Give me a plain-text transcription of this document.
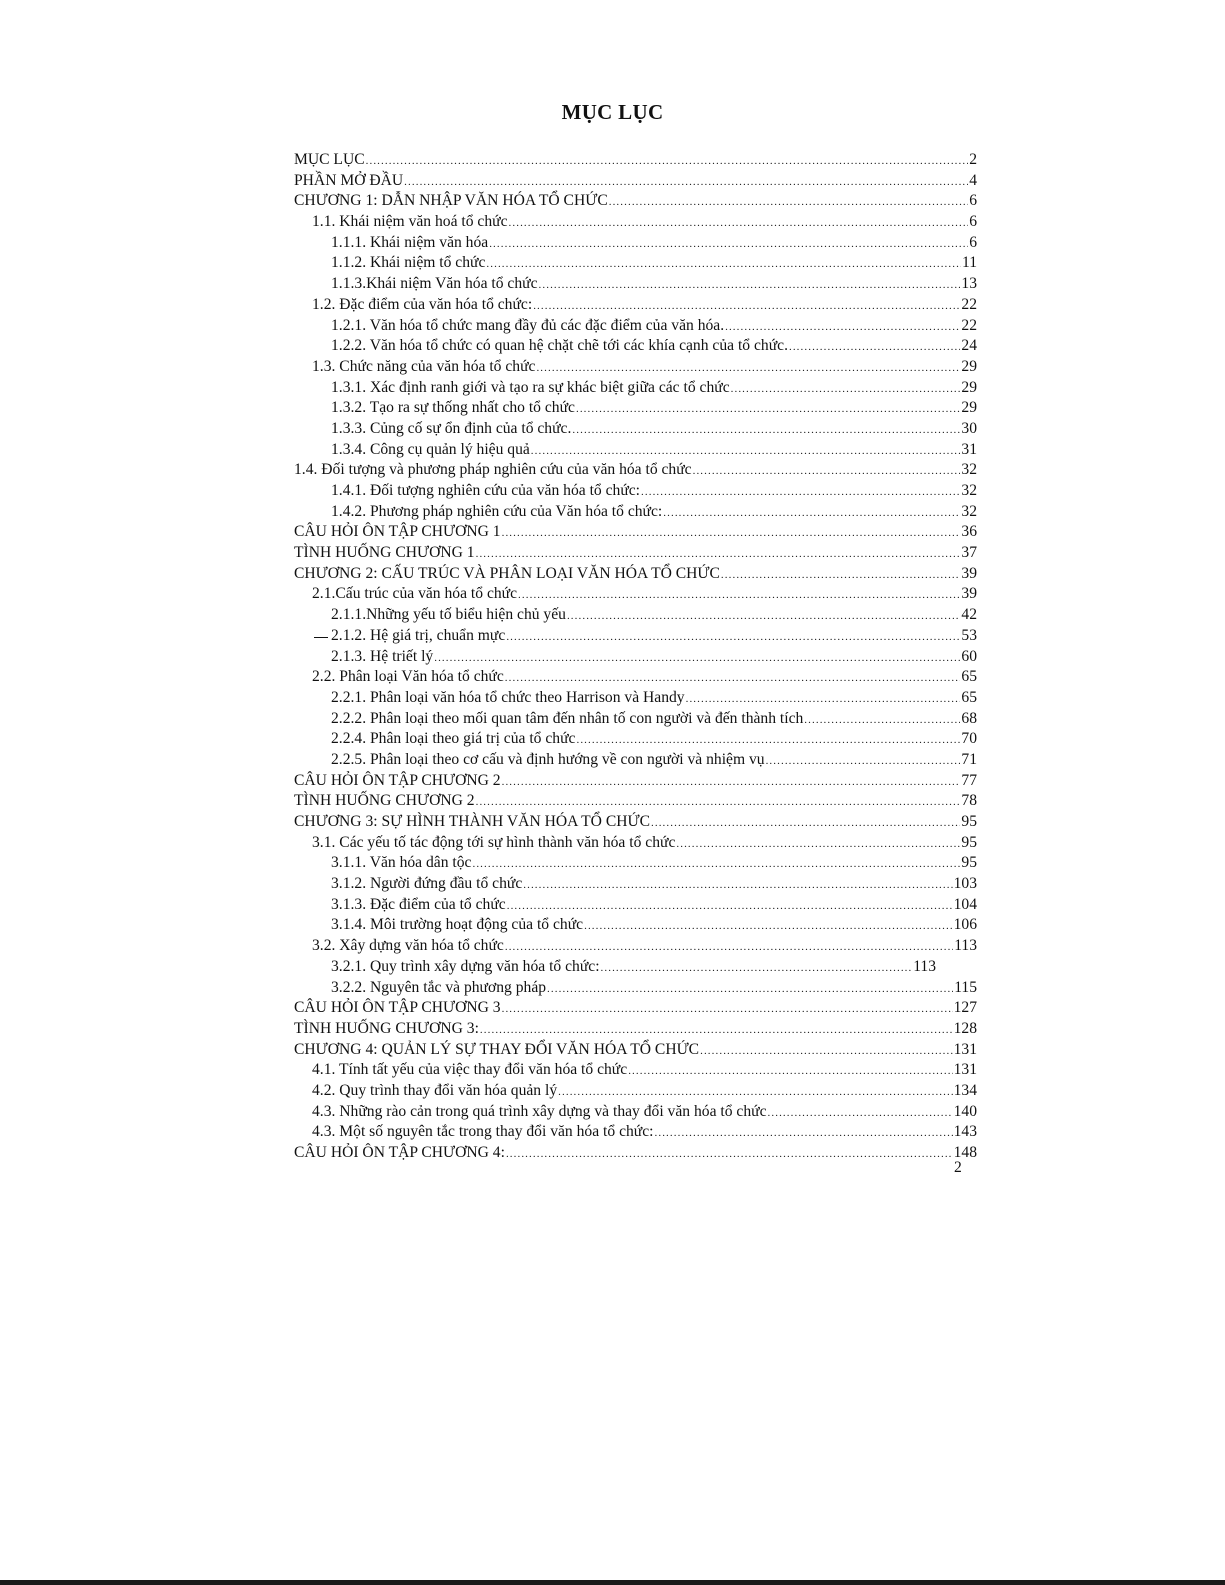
MỤC LỤC
MỤC LỤC .....	2
PHẦN MỞ ĐẦU .....	4
CHƯƠNG 1: DẪN NHẬP VĂN HÓA TỔ CHỨC .....	6
1.1. Khái niệm văn hoá tổ chức .....	6
1.1.1. Khái niệm văn hóa .....	6
1.1.2. Khái niệm tổ chức .....	11
1.1.3.Khái niệm Văn hóa tổ chức .....	13
1.2. Đặc điểm của văn hóa tổ chức: .....	22
1.2.1. Văn hóa tổ chức mang đầy đủ các đặc điểm của văn hóa. .....	22
1.2.2. Văn hóa tổ chức có quan hệ chặt chẽ tới các khía cạnh của tổ chức. .....	24
1.3. Chức năng của văn hóa tổ chức .....	29
1.3.1. Xác định ranh giới và tạo ra sự khác biệt giữa các tổ chức .....	29
1.3.2. Tạo ra sự thống nhất cho tổ chức .....	29
1.3.3. Củng cố sự ổn định của tổ chức. .....	30
1.3.4. Công cụ quản lý hiệu quả .....	31
1.4. Đối tượng và phương pháp nghiên cứu của văn hóa tổ chức .....	32
1.4.1. Đối tượng nghiên cứu của văn hóa tổ chức: .....	32
1.4.2. Phương pháp nghiên cứu của Văn hóa tổ chức: .....	32
CÂU HỎI ÔN TẬP CHƯƠNG 1 .....	36
TÌNH HUỐNG CHƯƠNG 1 .....	37
CHƯƠNG 2: CẤU TRÚC VÀ PHÂN LOẠI VĂN HÓA TỔ CHỨC .....	39
2.1.Cấu trúc của văn hóa tổ chức .....	39
2.1.1.Những yếu tố biểu hiện chủ yếu .....	42
2.1.2. Hệ giá trị, chuẩn mực .....	53
2.1.3. Hệ triết lý .....	60
2.2. Phân loại Văn hóa tổ chức .....	65
2.2.1. Phân loại văn hóa tổ chức theo Harrison và Handy .....	65
2.2.2. Phân loại theo mối quan tâm đến nhân tố con người và đến thành tích .....	68
2.2.4. Phân loại theo giá trị của tổ chức .....	70
2.2.5. Phân loại theo cơ cấu và định hướng về con người và nhiệm vụ .....	71
CÂU HỎI ÔN TẬP CHƯƠNG 2 .....	77
TÌNH HUỐNG CHƯƠNG 2 .....	78
CHƯƠNG 3: SỰ HÌNH THÀNH VĂN HÓA TỔ CHỨC .....	95
3.1. Các yếu tố tác động tới sự hình thành văn hóa tổ chức .....	95
3.1.1. Văn hóa dân tộc .....	95
3.1.2. Người đứng đầu tổ chức .....	103
3.1.3. Đặc điểm của tổ chức .....	104
3.1.4. Môi trường hoạt động của tổ chức .....	106
3.2. Xây dựng văn hóa tổ chức .....	113
3.2.1. Quy trình xây dựng văn hóa tổ chức: .....	113
3.2.2. Nguyên tắc và phương pháp .....	115
CÂU HỎI ÔN TẬP CHƯƠNG 3 .....	127
TÌNH HUỐNG CHƯƠNG 3: .....	128
CHƯƠNG 4: QUẢN LÝ SỰ THAY ĐỔI VĂN HÓA TỔ CHỨC .....	131
4.1. Tính tất yếu của việc thay đổi văn hóa tổ chức .....	131
4.2. Quy trình thay đổi văn hóa quản lý .....	134
4.3. Những rào cản trong quá trình xây dựng và thay đổi văn hóa tổ chức .....	140
4.3. Một số nguyên tắc trong thay đổi văn hóa tổ chức: .....	143
CÂU HỎI ÔN TẬP CHƯƠNG 4: .....	148
2
